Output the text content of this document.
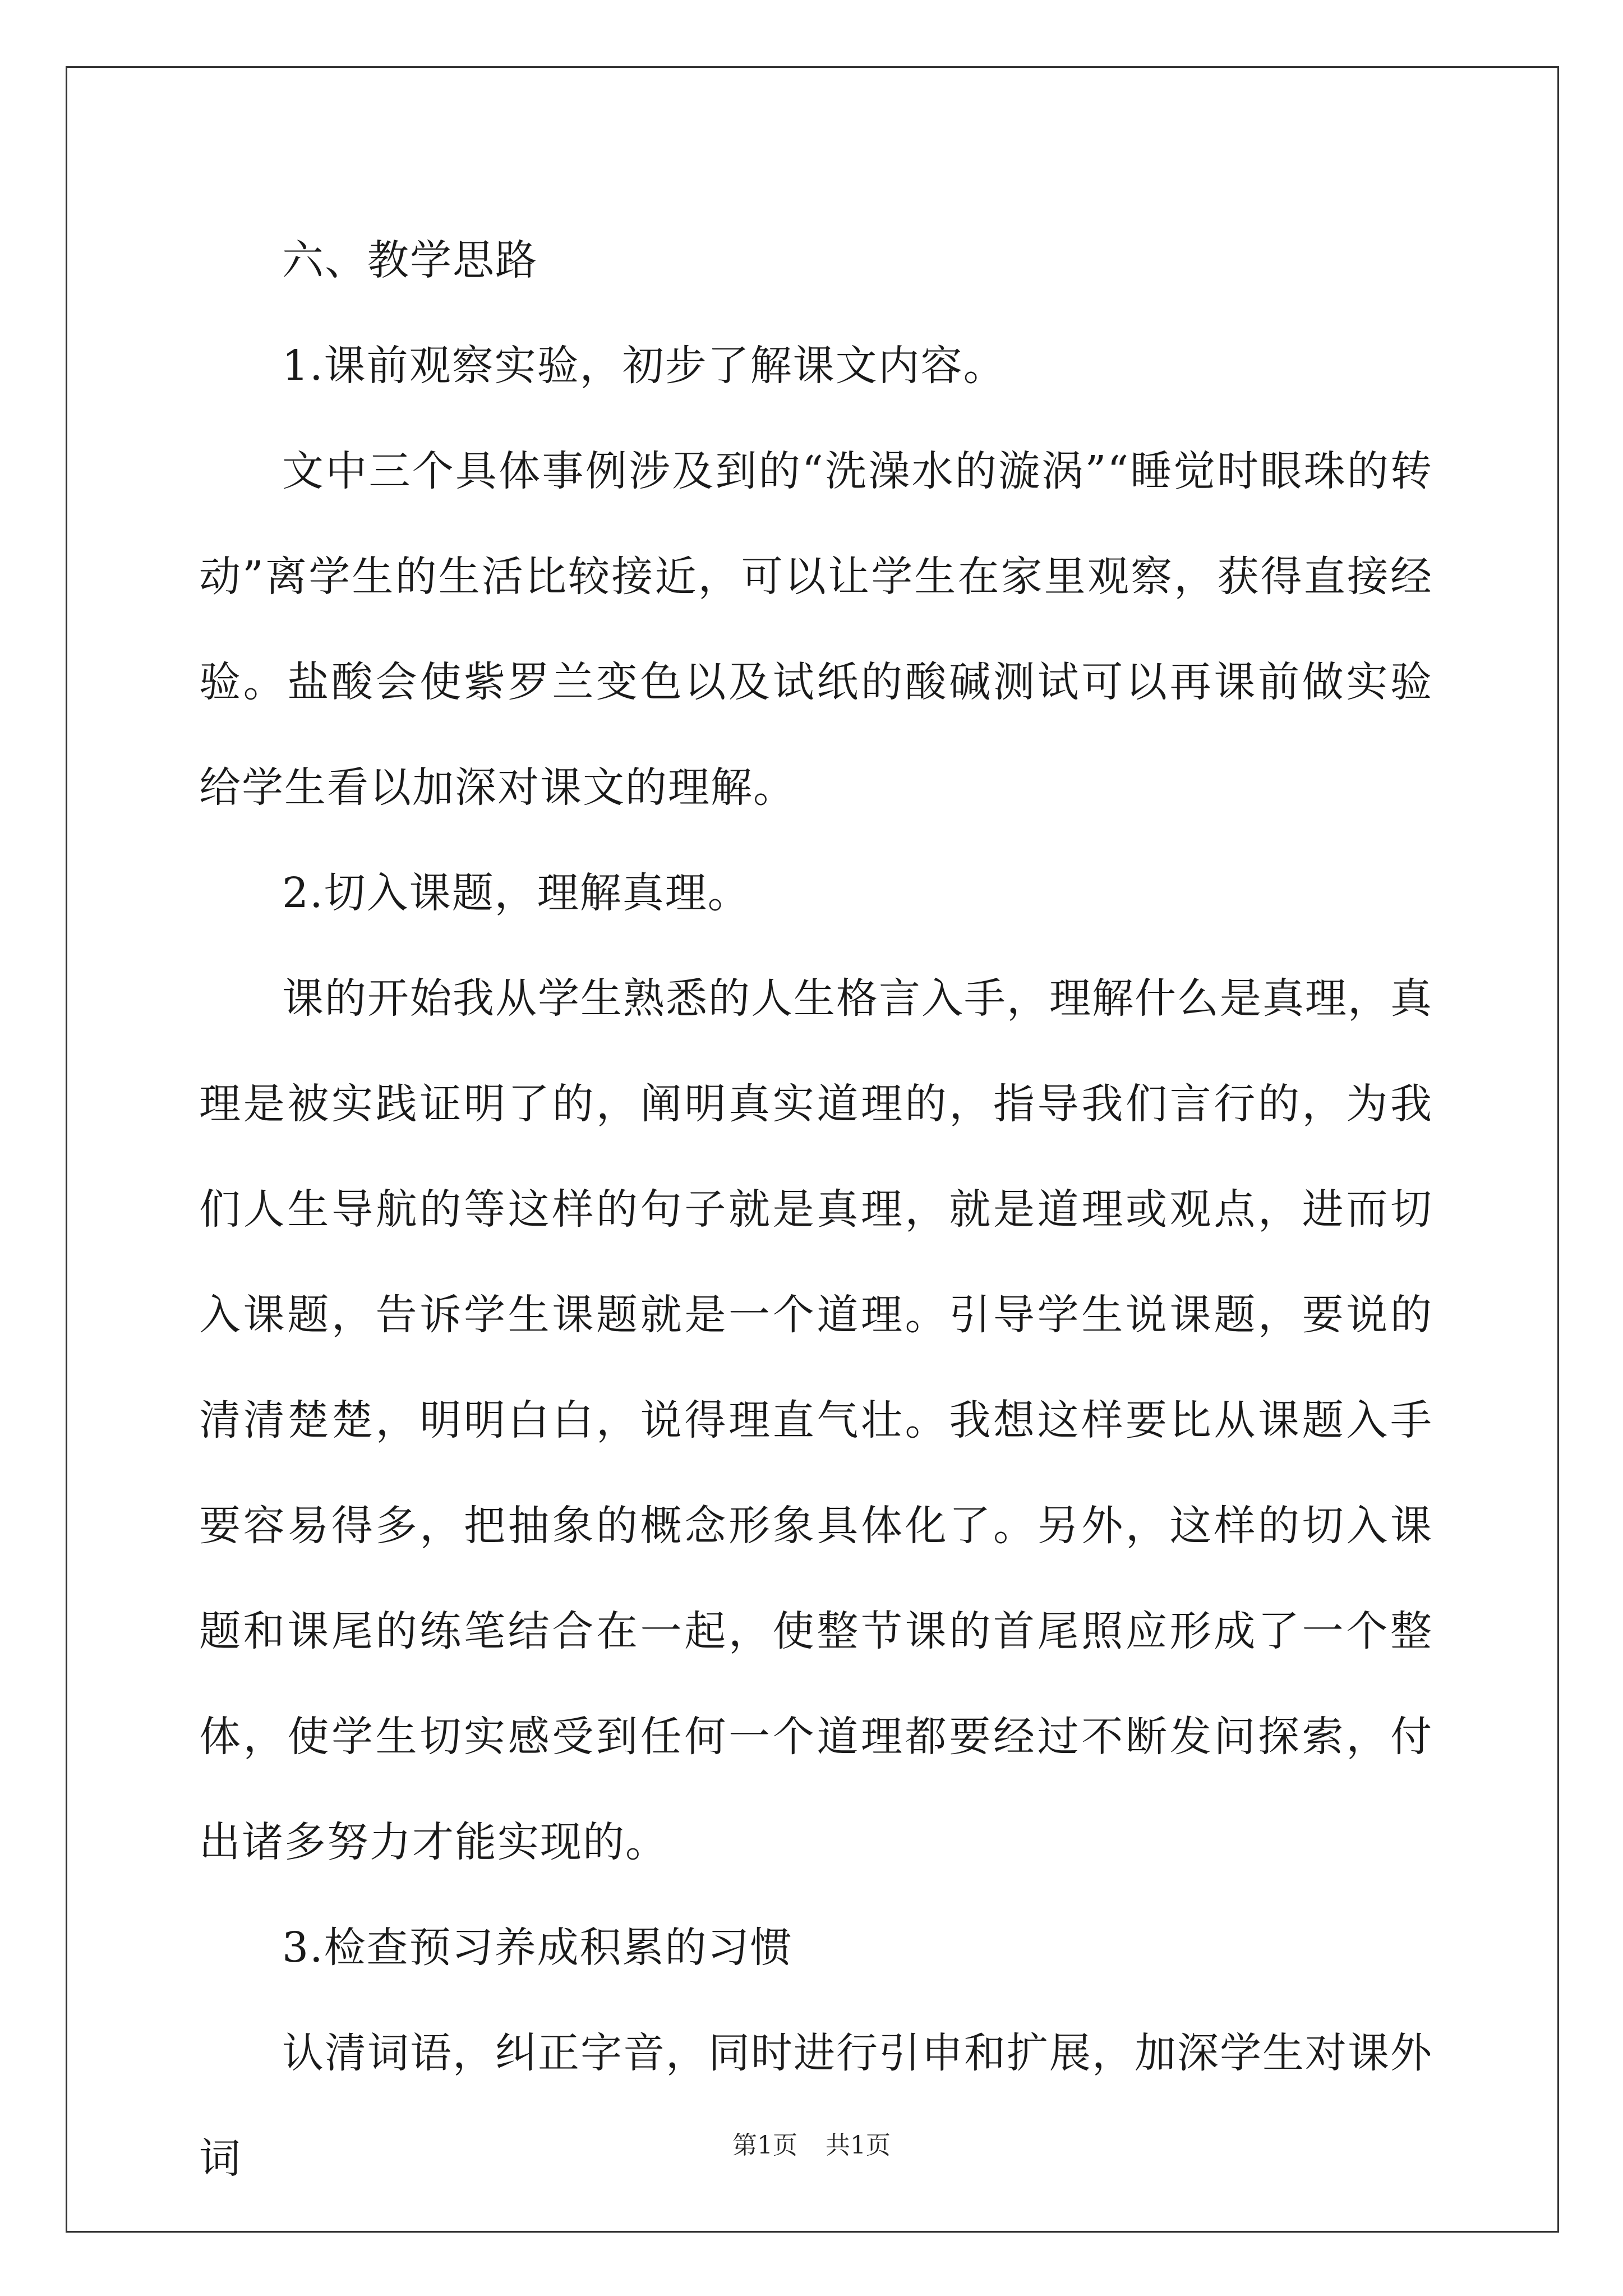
六、教学思路

1.课前观察实验，初步了解课文内容。

文中三个具体事例涉及到的“洗澡水的漩涡”“睡觉时眼珠的转动”离学生的生活比较接近，可以让学生在家里观察，获得直接经验。盐酸会使紫罗兰变色以及试纸的酸碱测试可以再课前做实验给学生看以加深对课文的理解。

2.切入课题，理解真理。

课的开始我从学生熟悉的人生格言入手，理解什么是真理，真理是被实践证明了的，阐明真实道理的，指导我们言行的，为我们人生导航的等这样的句子就是真理，就是道理或观点，进而切入课题，告诉学生课题就是一个道理。引导学生说课题，要说的清清楚楚，明明白白，说得理直气壮。我想这样要比从课题入手要容易得多，把抽象的概念形象具体化了。另外，这样的切入课题和课尾的练笔结合在一起，使整节课的首尾照应形成了一个整体，使学生切实感受到任何一个道理都要经过不断发问探索，付出诸多努力才能实现的。

3.检查预习养成积累的习惯

认清词语，纠正字音，同时进行引申和扩展，加深学生对课外词	第1页 共1页
